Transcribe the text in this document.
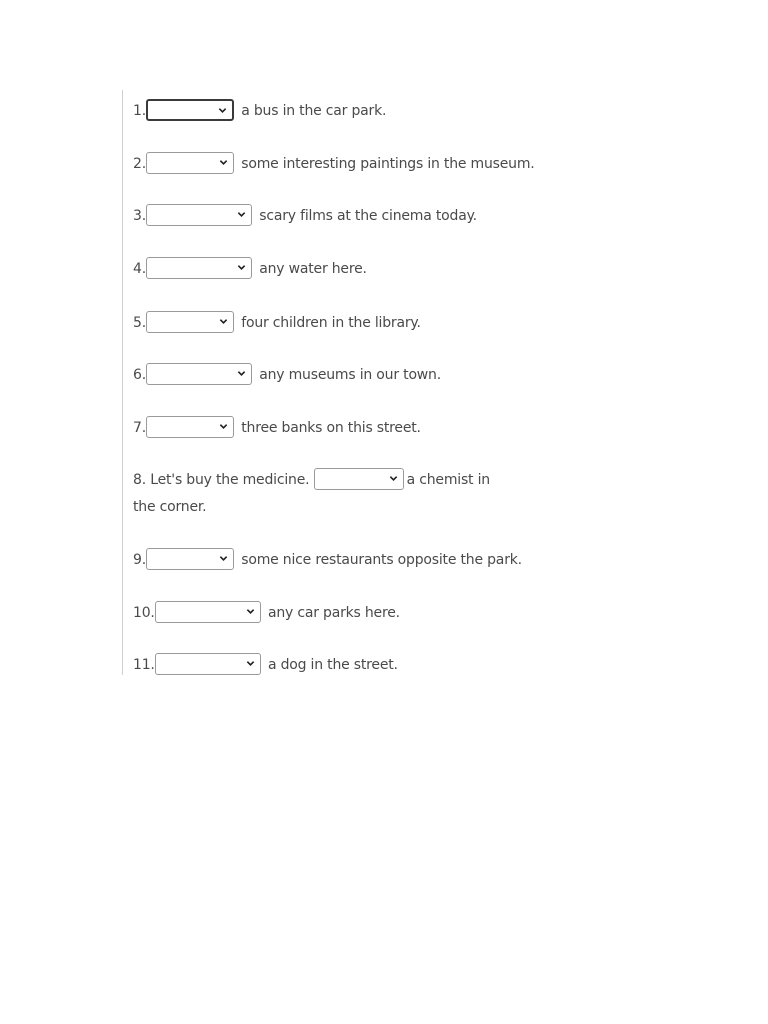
1.	a bus in the car park.
2.	some interesting paintings in the museum.
3.	scary films at the cinema today.
4.	any water here.
5.	four children in the library.
6.	any museums in our town.
7.	three banks on this street.
8. Let's buy the medicine.	a chemist in the corner.
9.	some nice restaurants opposite the park.
10.	any car parks here.
11.	a dog in the street.
